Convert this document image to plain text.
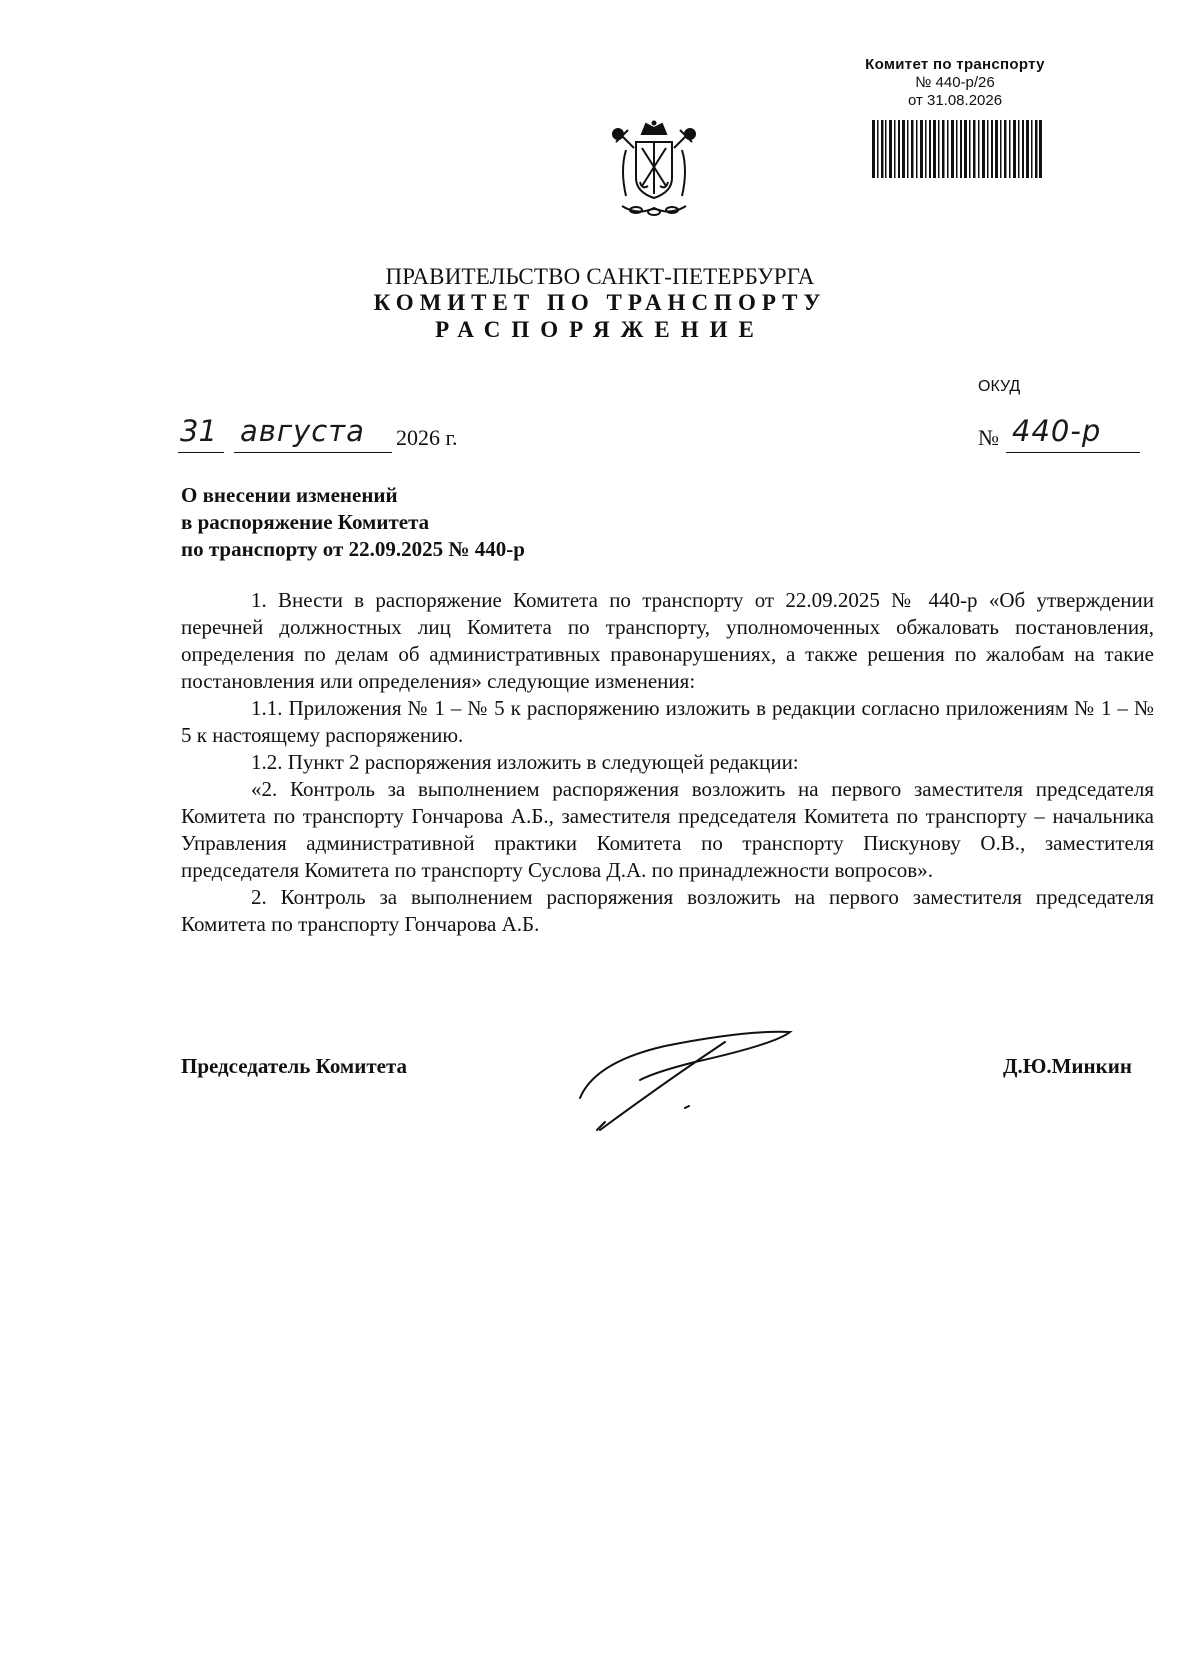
Комитет по транспорту
№ 440-р/26
от 31.08.2026
ПРАВИТЕЛЬСТВО САНКТ-ПЕТЕРБУРГА
КОМИТЕТ ПО ТРАНСПОРТУ
РАСПОРЯЖЕНИЕ
ОКУД
31 августа 2026 г.	№ 440-р
О внесении изменений
в распоряжение Комитета
по транспорту от 22.09.2025 № 440-р

1. Внести в распоряжение Комитета по транспорту от 22.09.2025 № 440-р «Об утверждении перечней должностных лиц Комитета по транспорту, уполномоченных обжаловать постановления, определения по делам об административных правонарушениях, а также решения по жалобам на такие постановления или определения» следующие изменения:

1.1. Приложения № 1 – № 5 к распоряжению изложить в редакции согласно приложениям № 1 – № 5 к настоящему распоряжению.

1.2. Пункт 2 распоряжения изложить в следующей редакции:

«2. Контроль за выполнением распоряжения возложить на первого заместителя председателя Комитета по транспорту Гончарова А.Б., заместителя председателя Комитета по транспорту – начальника Управления административной практики Комитета по транспорту Пискунову О.В., заместителя председателя Комитета по транспорту Суслова Д.А. по принадлежности вопросов».

2. Контроль за выполнением распоряжения возложить на первого заместителя председателя Комитета по транспорту Гончарова А.Б.

Председатель Комитета	Д.Ю.Минкин
